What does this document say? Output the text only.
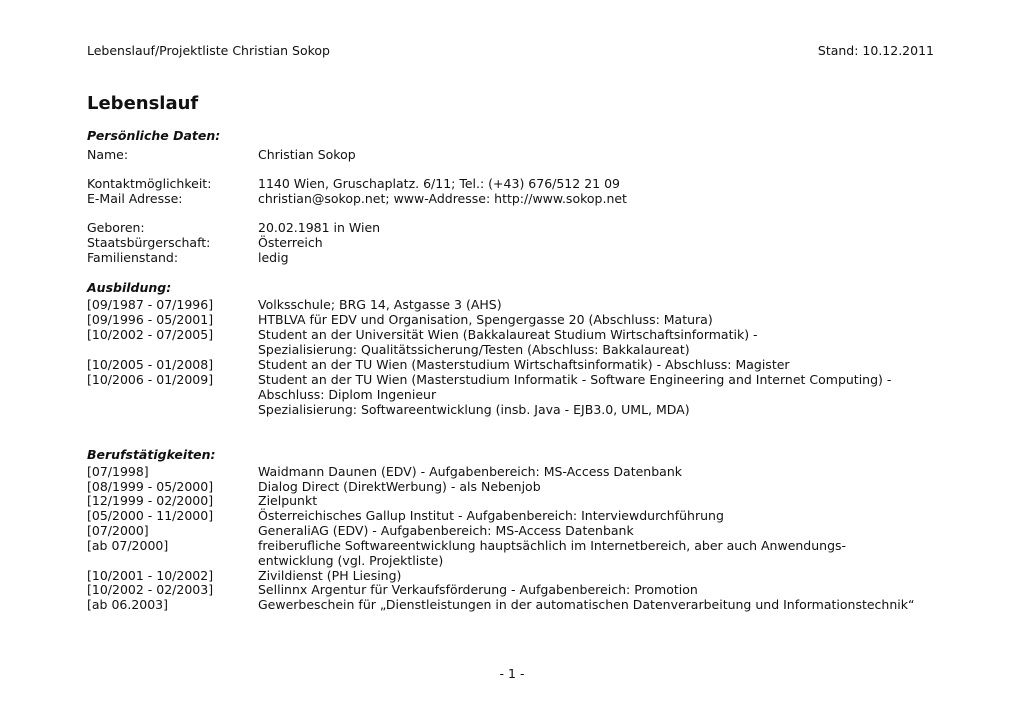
Lebenslauf/Projektliste Christian Sokop	Stand: 10.12.2011
Lebenslauf
Persönliche Daten:
Name:	Christian Sokop
Kontaktmöglichkeit:	1140 Wien, Gruschaplatz. 6/11; Tel.: (+43) 676/512 21 09
E-Mail Adresse:	christian@sokop.net; www-Addresse: http://www.sokop.net
Geboren:	20.02.1981 in Wien
Staatsbürgerschaft:	Österreich
Familienstand:	ledig
Ausbildung:
[09/1987 - 07/1996]	Volksschule; BRG 14, Astgasse 3 (AHS)
[09/1996 - 05/2001]	HTBLVA für EDV und Organisation, Spengergasse 20 (Abschluss: Matura)
[10/2002 - 07/2005]	Student an der Universität Wien (Bakkalaureat Studium Wirtschaftsinformatik) -
Spezialisierung: Qualitätssicherung/Testen (Abschluss: Bakkalaureat)
[10/2005 - 01/2008]	Student an der TU Wien (Masterstudium Wirtschaftsinformatik) - Abschluss: Magister
[10/2006 - 01/2009]	Student an der TU Wien (Masterstudium Informatik - Software Engineering and Internet Computing) -
Abschluss: Diplom Ingenieur
Spezialisierung: Softwareentwicklung (insb. Java - EJB3.0, UML, MDA)
Berufstätigkeiten:
[07/1998]	Waidmann Daunen (EDV) - Aufgabenbereich: MS-Access Datenbank
[08/1999 - 05/2000]	Dialog Direct (DirektWerbung) - als Nebenjob
[12/1999 - 02/2000]	Zielpunkt
[05/2000 - 11/2000]	Österreichisches Gallup Institut - Aufgabenbereich: Interviewdurchführung
[07/2000]	GeneraliAG (EDV) - Aufgabenbereich: MS-Access Datenbank
[ab 07/2000]	freiberufliche Softwareentwicklung hauptsächlich im Internetbereich, aber auch Anwendungs-
entwicklung (vgl. Projektliste)
[10/2001 - 10/2002]	Zivildienst (PH Liesing)
[10/2002 - 02/2003]	Sellinnx Argentur für Verkaufsförderung - Aufgabenbereich: Promotion
[ab 06.2003]	Gewerbeschein für „Dienstleistungen in der automatischen Datenverarbeitung und Informationstechnik“
- 1 -
